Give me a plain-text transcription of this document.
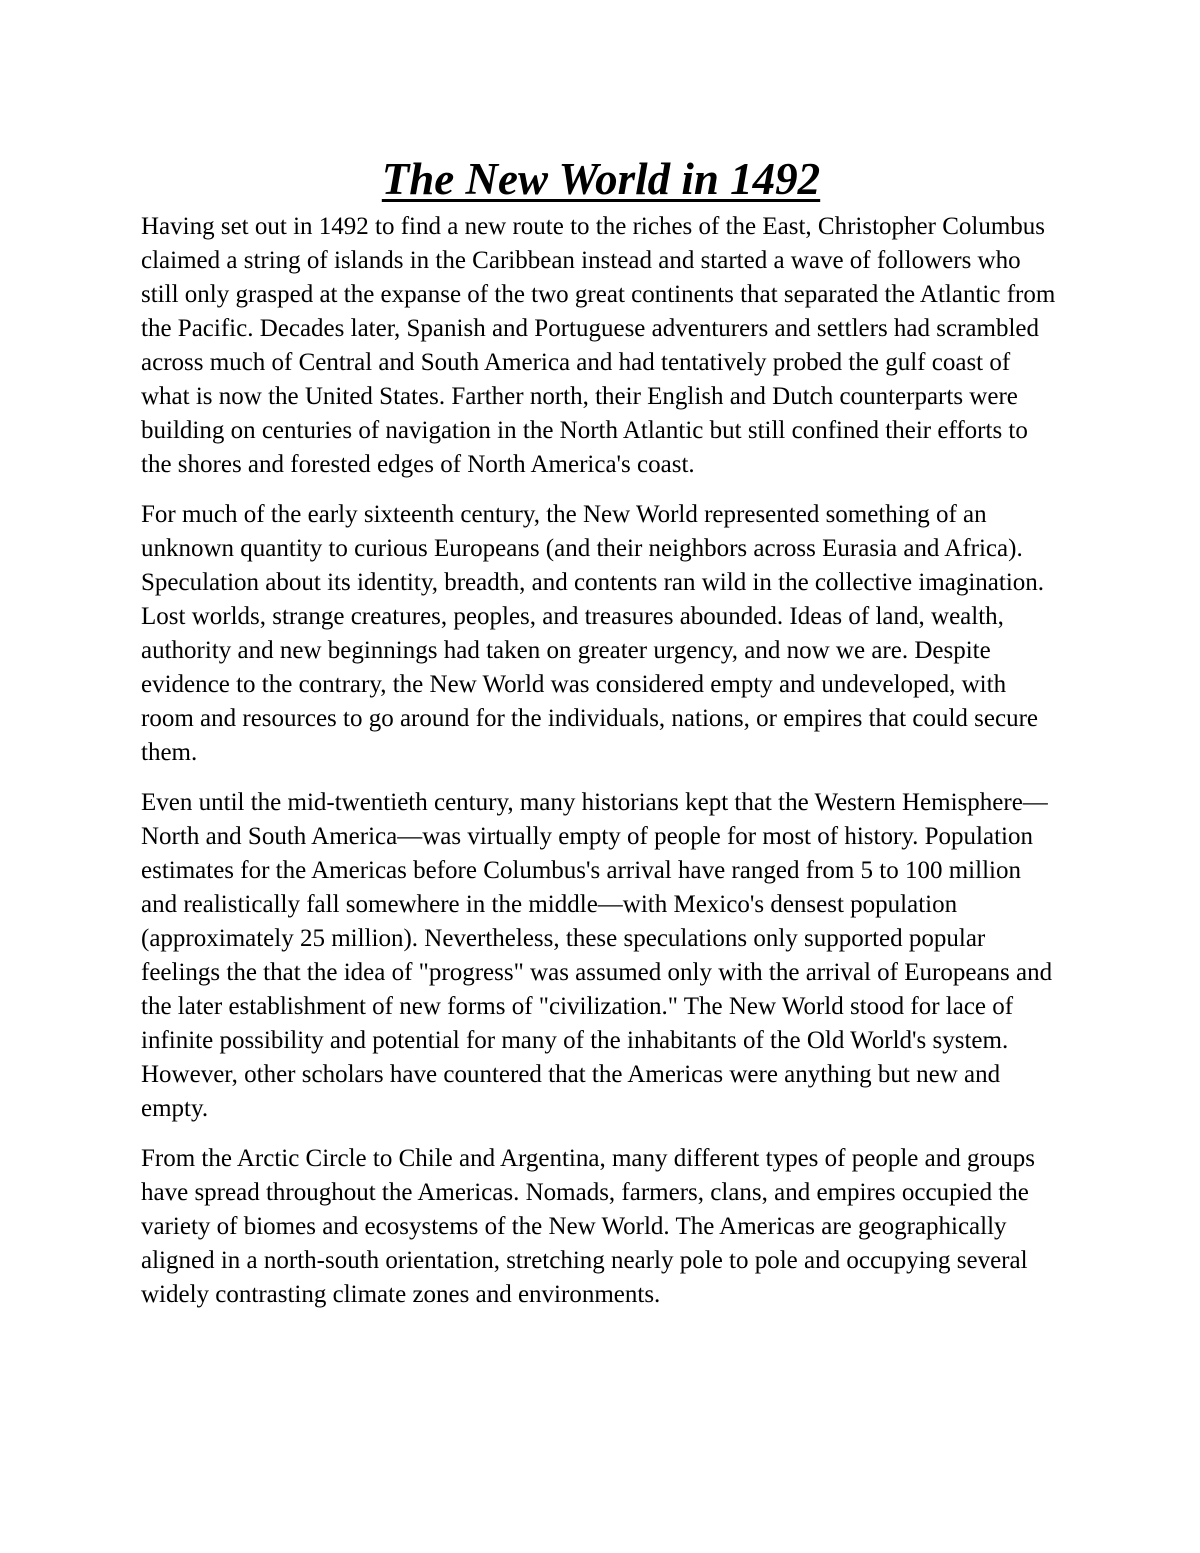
The New World in 1492

Having set out in 1492 to find a new route to the riches of the East, Christopher Columbus claimed a string of islands in the Caribbean instead and started a wave of followers who still only grasped at the expanse of the two great continents that separated the Atlantic from the Pacific. Decades later, Spanish and Portuguese adventurers and settlers had scrambled across much of Central and South America and had tentatively probed the gulf coast of what is now the United States. Farther north, their English and Dutch counterparts were building on centuries of navigation in the North Atlantic but still confined their efforts to the shores and forested edges of North America's coast.

For much of the early sixteenth century, the New World represented something of an unknown quantity to curious Europeans (and their neighbors across Eurasia and Africa). Speculation about its identity, breadth, and contents ran wild in the collective imagination. Lost worlds, strange creatures, peoples, and treasures abounded. Ideas of land, wealth, authority and new beginnings had taken on greater urgency, and now we are. Despite evidence to the contrary, the New World was considered empty and undeveloped, with room and resources to go around for the individuals, nations, or empires that could secure them.

Even until the mid-twentieth century, many historians kept that the Western Hemisphere—North and South America—was virtually empty of people for most of history. Population estimates for the Americas before Columbus's arrival have ranged from 5 to 100 million and realistically fall somewhere in the middle—with Mexico's densest population (approximately 25 million). Nevertheless, these speculations only supported popular feelings the that the idea of "progress" was assumed only with the arrival of Europeans and the later establishment of new forms of "civilization." The New World stood for lace of infinite possibility and potential for many of the inhabitants of the Old World's system. However, other scholars have countered that the Americas were anything but new and empty.

From the Arctic Circle to Chile and Argentina, many different types of people and groups have spread throughout the Americas. Nomads, farmers, clans, and empires occupied the variety of biomes and ecosystems of the New World. The Americas are geographically aligned in a north-south orientation, stretching nearly pole to pole and occupying several widely contrasting climate zones and environments.
